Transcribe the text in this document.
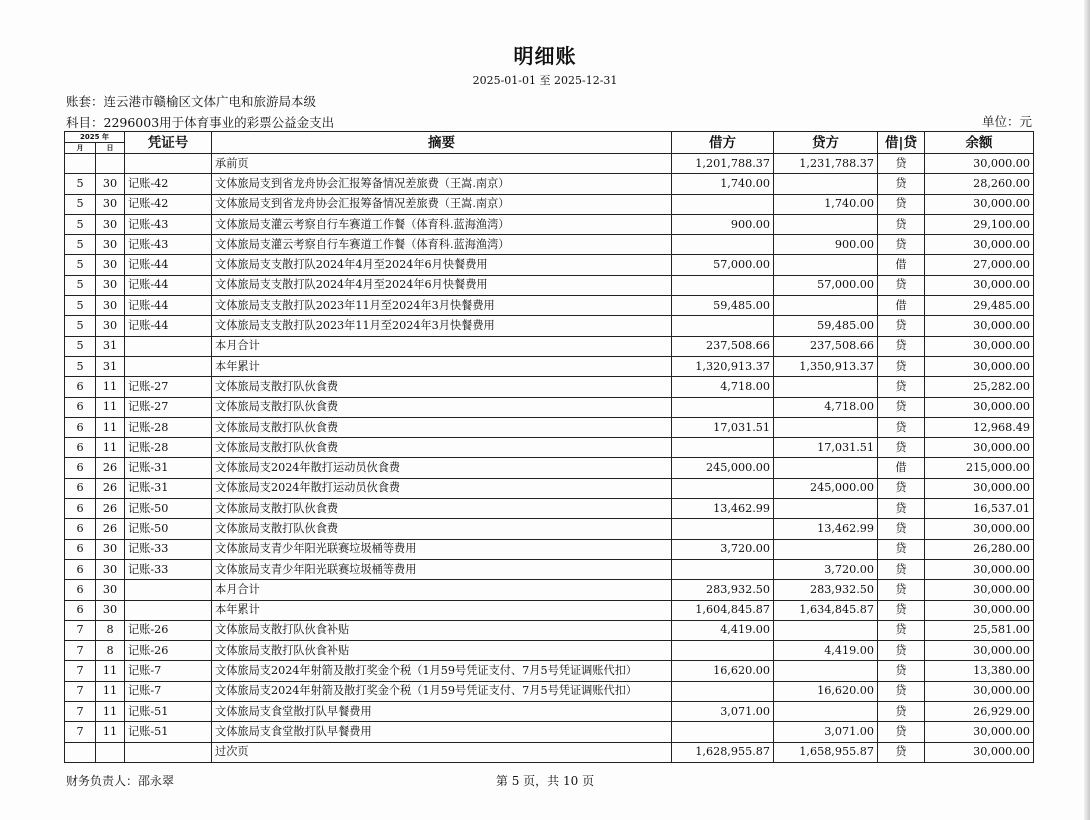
明细账
2025-01-01 至 2025-12-31
账套：连云港市赣榆区文体广电和旅游局本级
科目：2296003用于体育事业的彩票公益金支出	单位：元
2025 年		凭证号	摘要	借方	贷方	借|贷	余额
月	日						
			承前页	1,201,788.37	1,231,788.37	贷	30,000.00
5	30	记账-42	文体旅局支到省龙舟协会汇报筹备情况差旅费（王嵩.南京）	1,740.00		贷	28,260.00
5	30	记账-42	文体旅局支到省龙舟协会汇报筹备情况差旅费（王嵩.南京）		1,740.00	贷	30,000.00
5	30	记账-43	文体旅局支灌云考察自行车赛道工作餐（体育科.蓝海渔湾）	900.00		贷	29,100.00
5	30	记账-43	文体旅局支灌云考察自行车赛道工作餐（体育科.蓝海渔湾）		900.00	贷	30,000.00
5	30	记账-44	文体旅局支支散打队2024年4月至2024年6月快餐费用	57,000.00		借	27,000.00
5	30	记账-44	文体旅局支支散打队2024年4月至2024年6月快餐费用		57,000.00	贷	30,000.00
5	30	记账-44	文体旅局支支散打队2023年11月至2024年3月快餐费用	59,485.00		借	29,485.00
5	30	记账-44	文体旅局支支散打队2023年11月至2024年3月快餐费用		59,485.00	贷	30,000.00
5	31		本月合计	237,508.66	237,508.66	贷	30,000.00
5	31		本年累计	1,320,913.37	1,350,913.37	贷	30,000.00
6	11	记账-27	文体旅局支散打队伙食费	4,718.00		贷	25,282.00
6	11	记账-27	文体旅局支散打队伙食费		4,718.00	贷	30,000.00
6	11	记账-28	文体旅局支散打队伙食费	17,031.51		贷	12,968.49
6	11	记账-28	文体旅局支散打队伙食费		17,031.51	贷	30,000.00
6	26	记账-31	文体旅局支2024年散打运动员伙食费	245,000.00		借	215,000.00
6	26	记账-31	文体旅局支2024年散打运动员伙食费		245,000.00	贷	30,000.00
6	26	记账-50	文体旅局支散打队伙食费	13,462.99		贷	16,537.01
6	26	记账-50	文体旅局支散打队伙食费		13,462.99	贷	30,000.00
6	30	记账-33	文体旅局支青少年阳光联赛垃圾桶等费用	3,720.00		贷	26,280.00
6	30	记账-33	文体旅局支青少年阳光联赛垃圾桶等费用		3,720.00	贷	30,000.00
6	30		本月合计	283,932.50	283,932.50	贷	30,000.00
6	30		本年累计	1,604,845.87	1,634,845.87	贷	30,000.00
7	8	记账-26	文体旅局支散打队伙食补贴	4,419.00		贷	25,581.00
7	8	记账-26	文体旅局支散打队伙食补贴		4,419.00	贷	30,000.00
7	11	记账-7	文体旅局支2024年射箭及散打奖金个税（1月59号凭证支付、7月5号凭证调账代扣）	16,620.00		贷	13,380.00
7	11	记账-7	文体旅局支2024年射箭及散打奖金个税（1月59号凭证支付、7月5号凭证调账代扣）		16,620.00	贷	30,000.00
7	11	记账-51	文体旅局支食堂散打队早餐费用	3,071.00		贷	26,929.00
7	11	记账-51	文体旅局支食堂散打队早餐费用		3,071.00	贷	30,000.00
			过次页	1,628,955.87	1,658,955.87	贷	30,000.00
财务负责人：邵永翠	第 5 页，共 10 页
